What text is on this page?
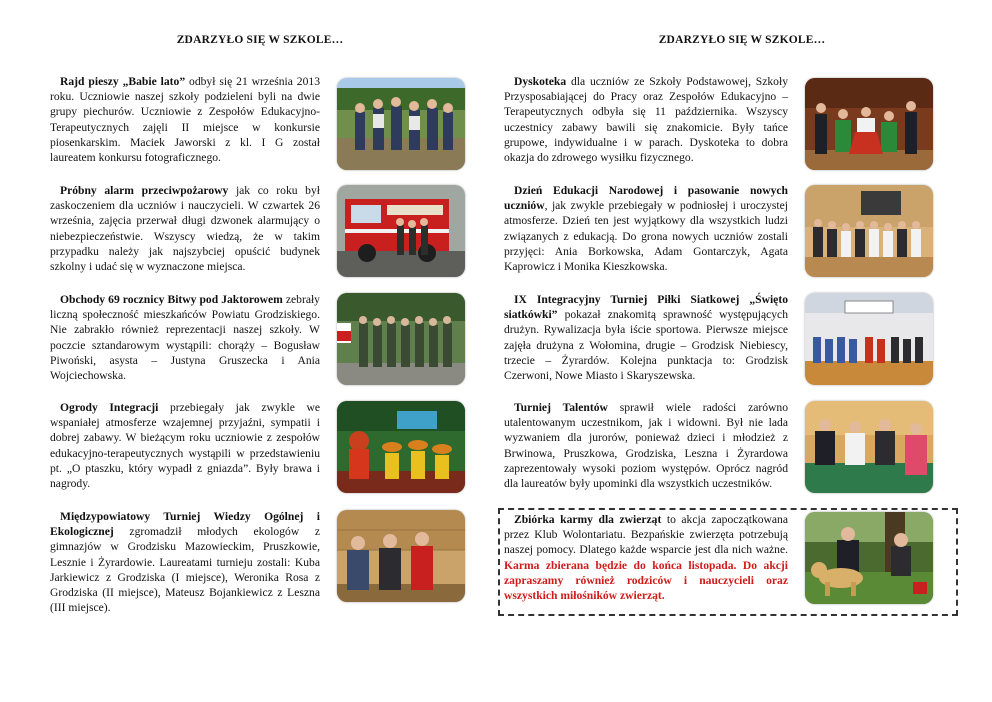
ZDARZYŁO SIĘ W SZKOLE…	ZDARZYŁO SIĘ W SZKOLE…
Rajd pieszy „Babie lato” odbył się 21 września 2013 roku. Uczniowie naszej szkoły podzieleni byli na dwie grupy piechurów. Uczniowie z Zespołów Edukacyjno-Terapeutycznych zajęli II miejsce w konkursie piosenkarskim. Maciek Jaworski z kl. I G został laureatem konkursu fotograficznego.
Próbny alarm przeciwpożarowy jak co roku był zaskoczeniem dla uczniów i nauczycieli. W czwartek 26 września, zajęcia przerwał długi dzwonek alarmujący o niebezpieczeństwie. Wszyscy wiedzą, że w takim przypadku należy jak najszybciej opuścić budynek szkolny i udać się w wyznaczone miejsca.
Obchody 69 rocznicy Bitwy pod Jaktorowem zebrały liczną społeczność mieszkańców Powiatu Grodziskiego. Nie zabrakło również reprezentacji naszej szkoły. W poczcie sztandarowym wystąpili: chorąży – Bogusław Piwoński, asysta – Justyna Gruszecka i Ania Wojciechowska.
Ogrody Integracji przebiegały jak zwykle we wspaniałej atmosferze wzajemnej przyjaźni, sympatii i dobrej zabawy. W bieżącym roku uczniowie z zespołów edukacyjno-terapeutycznych wystąpili w przedstawieniu pt. „O ptaszku, który wypadł z gniazda”. Były brawa i nagrody.
Międzypowiatowy Turniej Wiedzy Ogólnej i Ekologicznej zgromadził młodych ekologów z gimnazjów w Grodzisku Mazowieckim, Pruszkowie, Lesznie i Żyrardowie. Laureatami turnieju zostali: Kuba Jarkiewicz z Grodziska (I miejsce), Weronika Rosa z Grodziska (II miejsce), Mateusz Bojankiewicz z Leszna (III miejsce).
Dyskoteka dla uczniów ze Szkoły Podstawowej, Szkoły Przysposabiającej do Pracy oraz Zespołów Edukacyjno – Terapeutycznych odbyła się 11 października. Wszyscy uczestnicy zabawy bawili się znakomicie. Były tańce grupowe, indywidualne i w parach. Dyskoteka to dobra okazja do zdrowego wysiłku fizycznego.
Dzień Edukacji Narodowej i pasowanie nowych uczniów, jak zwykle przebiegały w podniosłej i uroczystej atmosferze. Dzień ten jest wyjątkowy dla wszystkich ludzi związanych z edukacją. Do grona nowych uczniów zostali przyjęci: Ania Borkowska, Adam Gontarczyk, Agata Kaprowicz i Monika Kieszkowska.
IX Integracyjny Turniej Piłki Siatkowej „Święto siatkówki” pokazał znakomitą sprawność występujących drużyn. Rywalizacja była iście sportowa. Pierwsze miejsce zajęła drużyna z Wołomina, drugie – Grodzisk Niebiescy, trzecie – Żyrardów. Kolejna punktacja to: Grodzisk Czerwoni, Nowe Miasto i Skaryszewska.
Turniej Talentów sprawił wiele radości zarówno utalentowanym uczestnikom, jak i widowni. Był nie lada wyzwaniem dla jurorów, ponieważ dzieci i młodzież z Brwinowa, Pruszkowa, Grodziska, Leszna i Żyrardowa zaprezentowały wysoki poziom występów. Oprócz nagród dla laureatów były upominki dla wszystkich uczestników.
Zbiórka karmy dla zwierząt to akcja zapoczątkowana przez Klub Wolontariatu. Bezpańskie zwierzęta potrzebują naszej pomocy. Dlatego każde wsparcie jest dla nich ważne. Karma zbierana będzie do końca listopada. Do akcji zapraszamy również rodziców i nauczycieli oraz wszystkich miłośników zwierząt.
